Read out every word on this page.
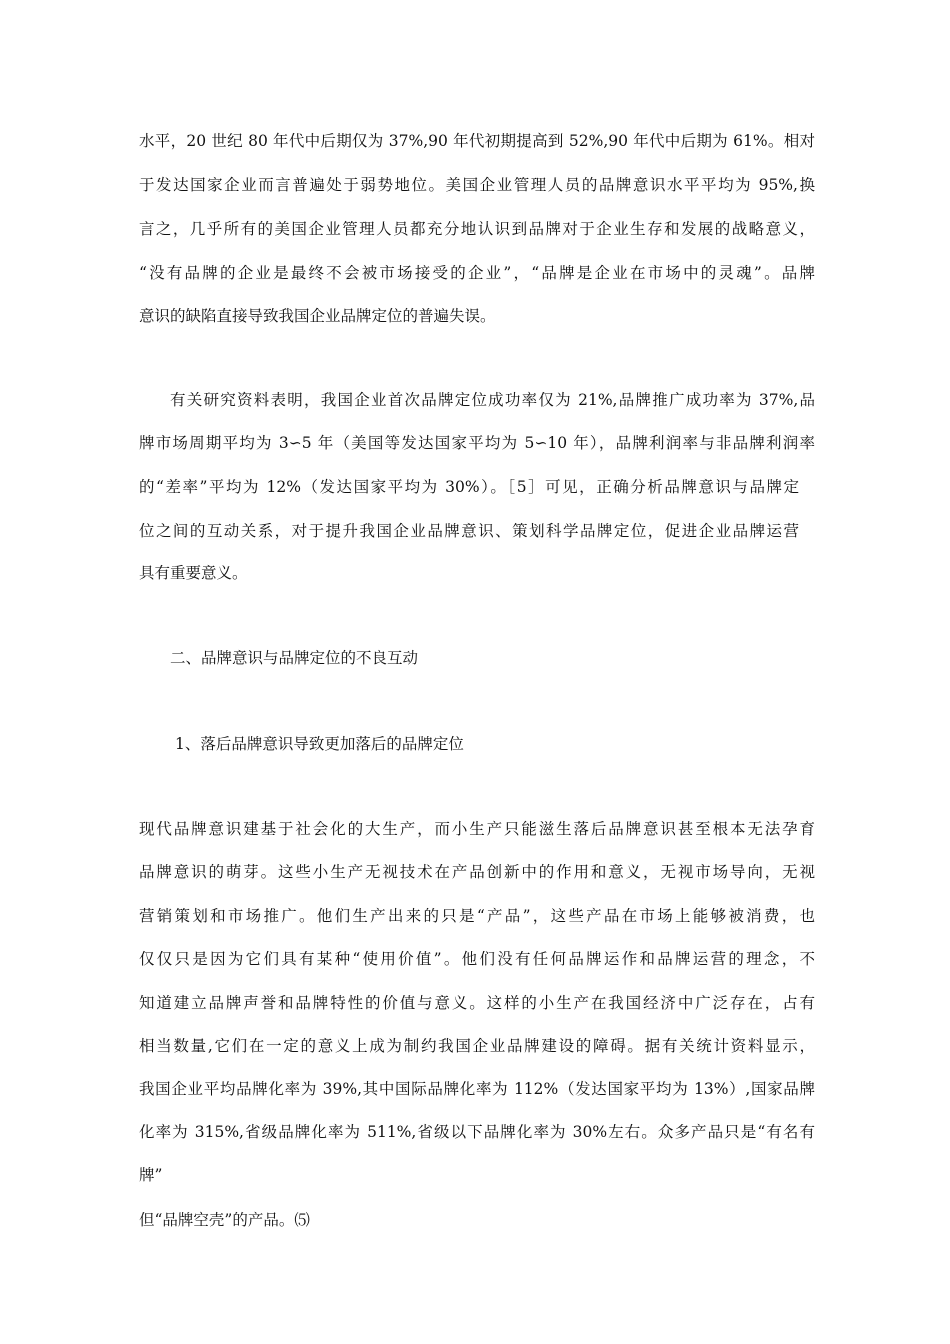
水平，20 世纪 80 年代中后期仅为 37%,90 年代初期提高到 52%,90 年代中后期为 61%。相对
于发达国家企业而言普遍处于弱势地位。美国企业管理人员的品牌意识水平平均为 95%,换
言之，几乎所有的美国企业管理人员都充分地认识到品牌对于企业生存和发展的战略意义，
“没有品牌的企业是最终不会被市场接受的企业”，“品牌是企业在市场中的灵魂”。品牌
意识的缺陷直接导致我国企业品牌定位的普遍失误。
有关研究资料表明，我国企业首次品牌定位成功率仅为 21%,品牌推广成功率为 37%,品
牌市场周期平均为 3∽5 年（美国等发达国家平均为 5∽10 年），品牌利润率与非品牌利润率
的“差率”平均为 12%（发达国家平均为 30%）。［5］可见，正确分析品牌意识与品牌定
位之间的互动关系，对于提升我国企业品牌意识、策划科学品牌定位，促进企业品牌运营
具有重要意义。
二、品牌意识与品牌定位的不良互动
1、落后品牌意识导致更加落后的品牌定位
现代品牌意识建基于社会化的大生产，而小生产只能滋生落后品牌意识甚至根本无法孕育
品牌意识的萌芽。这些小生产无视技术在产品创新中的作用和意义，无视市场导向，无视
营销策划和市场推广。他们生产出来的只是“产品”，这些产品在市场上能够被消费，也
仅仅只是因为它们具有某种“使用价值”。他们没有任何品牌运作和品牌运营的理念，不
知道建立品牌声誉和品牌特性的价值与意义。这样的小生产在我国经济中广泛存在，占有
相当数量,它们在一定的意义上成为制约我国企业品牌建设的障碍。据有关统计资料显示，
我国企业平均品牌化率为 39%,其中国际品牌化率为 112%（发达国家平均为 13%）,国家品牌
化率为 315%,省级品牌化率为 511%,省级以下品牌化率为 30%左右。众多产品只是“有名有
牌”
但“品牌空壳”的产品。⑸
